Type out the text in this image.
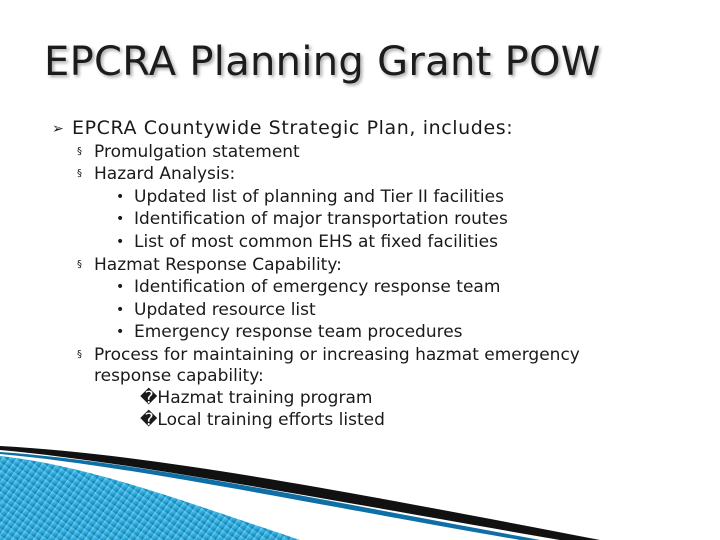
EPCRA Planning Grant POW
➢ EPCRA Countywide Strategic Plan, includes:
§ Promulgation statement
§ Hazard Analysis:
• Updated list of planning and Tier II facilities
• Identification of major transportation routes
• List of most common EHS at fixed facilities
§ Hazmat Response Capability:
• Identification of emergency response team
• Updated resource list
• Emergency response team procedures
§ Process for maintaining or increasing hazmat emergency
response capability:
�Hazmat training program
�Local training efforts listed
